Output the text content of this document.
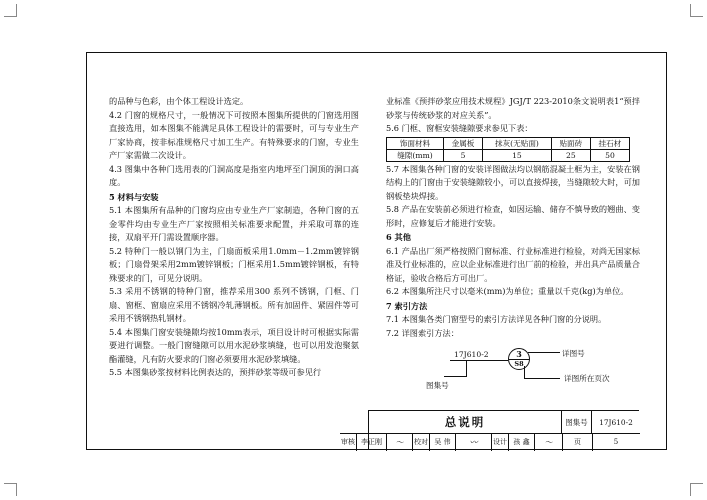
的品种与色彩，由个体工程设计选定。

4.2 门窗的规格尺寸，一般情况下可按照本图集所提供的门窗选用图直接选用，如本图集不能满足具体工程设计的需要时，可与专业生产厂家协商，按非标准规格尺寸加工生产。有特殊要求的门窗，专业生产厂家需做二次设计。

4.3 图集中各种门选用表的门洞高度是指室内地坪至门洞顶的洞口高度。

5 材料与安装

5.1 本图集所有品种的门窗均应由专业生产厂家制造，各种门窗的五金零件均由专业生产厂家按照相关标准要求配置，并采取可靠的连接，双扇平开门需设置顺序器。

5.2 特种门一般以钢门为主，门扇面板采用1.0mm－1.2mm镀锌钢板；门扇骨架采用2mm镀锌钢板；门框采用1.5mm镀锌钢板，有特殊要求的门，可见分说明。

5.3 采用不锈钢的特种门窗，推荐采用300 系列不锈钢，门框、门扇、窗框、窗扇应采用不锈钢冷轧薄钢板。所有加固件、紧固件等可采用不锈钢热轧钢材。

5.4 本图集门窗安装缝隙均按10mm表示，项目设计时可根据实际需要进行调整。一般门窗缝隙可以用水泥砂浆填缝，也可以用发泡聚氨酯灌缝，凡有防火要求的门窗必须要用水泥砂浆填缝。

5.5 本图集砂浆按材料比例表达的，预拌砂浆等级可参见行

业标准《预拌砂浆应用技术规程》JGJ/T 223-2010条文说明表1“预拌砂浆与传统砂浆的对应关系”。

5.6 门框、窗框安装缝隙要求参见下表：

饰面材料	金属板	抹灰(无贴面)	贴面砖	挂石材
缝隙(mm)	5	15	25	50

5.7 本图集各种门窗的安装详图做法均以钢筋混凝土框为主，安装在钢结构上的门窗由于安装缝隙较小，可以直接焊接，当缝隙较大时，可加钢板垫块焊接。

5.8 产品在安装前必须进行检查，如因运输、储存不慎导致的翘曲、变形时，应修复后才能进行安装。

6 其他

6.1 产品出厂须严格按照门窗标准、行业标准进行检验，对尚无国家标准及行业标准的，应以企业标准进行出厂前的检验，并出具产品质量合格证，验收合格后方可出厂。

6.2 本图集所注尺寸以毫米(mm)为单位；重量以千克(kg)为单位。

7 索引方法

7.1 本图集各类门窗型号的索引方法详见各种门窗的分说明。

7.2 详图索引方法：

17J610-2	3
S8
图集号
详图号
详图所在页次
总说明	图集号	17J610-2
审核 李正刚	〜	校对 吴 伟	〰	设计 孩 鑫	〜	页	5
